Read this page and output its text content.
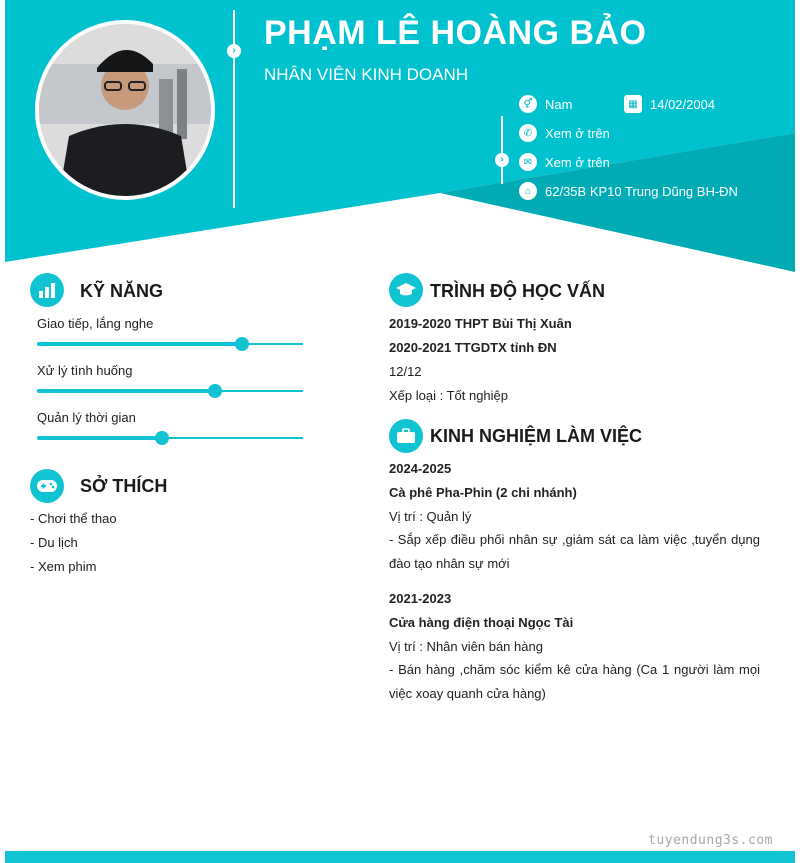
›
›
PHẠM LÊ HOÀNG BẢO
NHÂN VIÊN KINH DOANH
⚥ Nam	▦ 14/02/2004
✆ Xem ở trên
✉ Xem ở trên
⌂	62/35B KP10 Trung Dũng BH-ĐN
KỸ NĂNG
Giao tiếp, lắng nghe
Xử lý tình huống
Quản lý thời gian
SỞ THÍCH
- Chơi thể thao
- Du lịch
- Xem phim
TRÌNH ĐỘ HỌC VẤN
2019-2020 THPT Bùi Thị Xuân
2020-2021 TTGDTX tỉnh ĐN
12/12
Xếp loại : Tốt nghiệp
KINH NGHIỆM LÀM VIỆC
2024-2025
Cà phê Pha-Phin (2 chi nhánh)
Vị trí : Quản lý
- Sắp xếp điều phối nhân sự ,giám sát ca làm việc ,tuyển dụng đào tạo nhân sự mới
2021-2023
Cửa hàng điện thoại Ngọc Tài
Vị trí : Nhân viên bán hàng
- Bán hàng ,chăm sóc kiểm kê cửa hàng (Ca 1 người làm mọi việc xoay quanh cửa hàng)
tuyendung3s.com
